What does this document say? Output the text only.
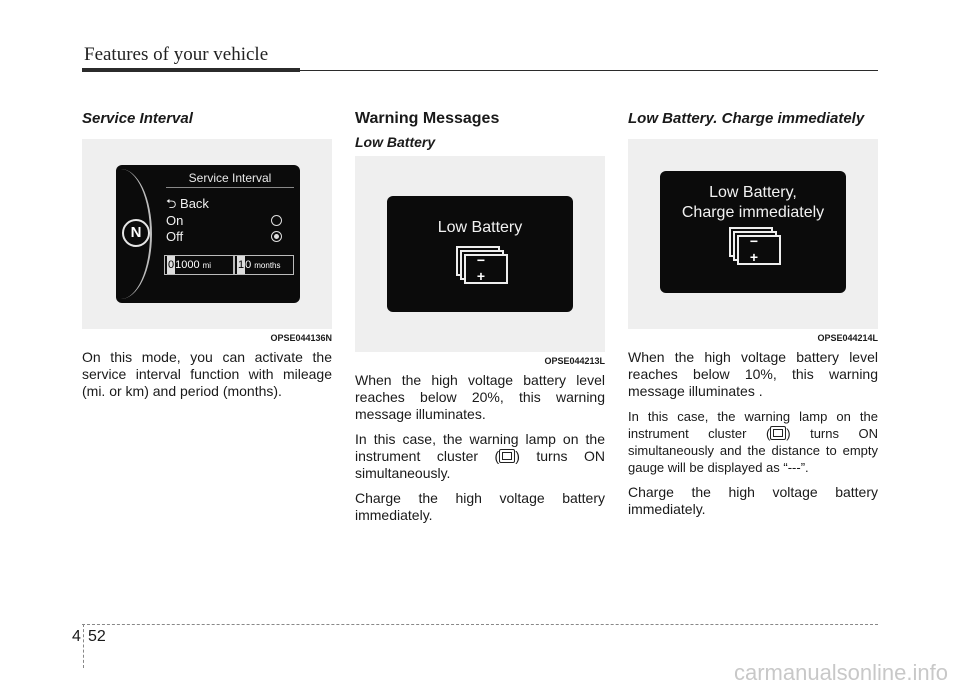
Features of your vehicle
Service Interval
N
Service Interval
⮌ Back
On
Off
01000 mi	10 months
OPSE044136N

On this mode, you can activate the service interval function with mileage (mi. or km) and period (months).

Warning Messages
Low Battery
Low Battery
−+
OPSE044213L

When the high voltage battery level reaches below 20%, this warning message illuminates.

In this case, the warning lamp on the instrument cluster ( ) turns ON simultaneously.

Charge the high voltage battery immediately.

Low Battery. Charge immediately
Low Battery,
Charge immediately
−+
OPSE044214L

When the high voltage battery level reaches below 10%, this warning message illuminates .

In this case, the warning lamp on the instrument cluster ( ) turns ON simultaneously and the distance to empty gauge will be displayed as “---”.

Charge the high voltage battery immediately.

4 52
carmanualsonline.info
